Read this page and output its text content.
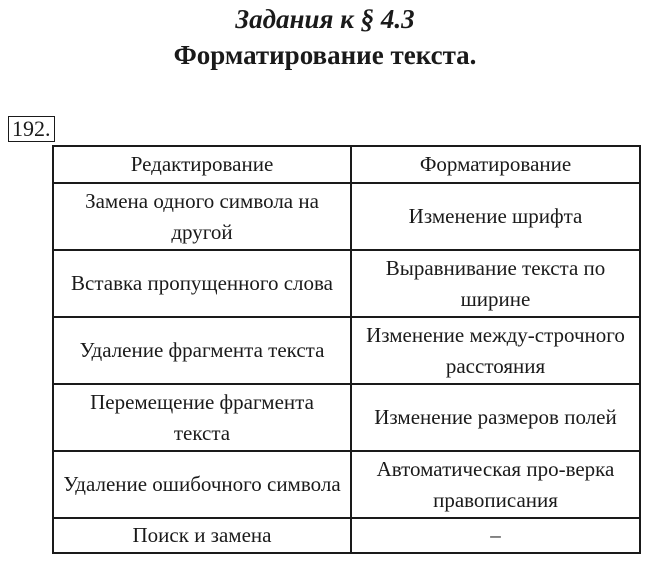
Задания к § 4.3
Форматирование текста.
192.
Редактирование	Форматирование
Замена одного символа на другой	Изменение шрифта
Вставка пропущенного слова	Выравнивание текста по ширине
Удаление фрагмента текста	Изменение между-строчного расстояния
Перемещение фрагмента текста	Изменение размеров полей
Удаление ошибочного символа	Автоматическая про-верка правописания
Поиск и замена	–
